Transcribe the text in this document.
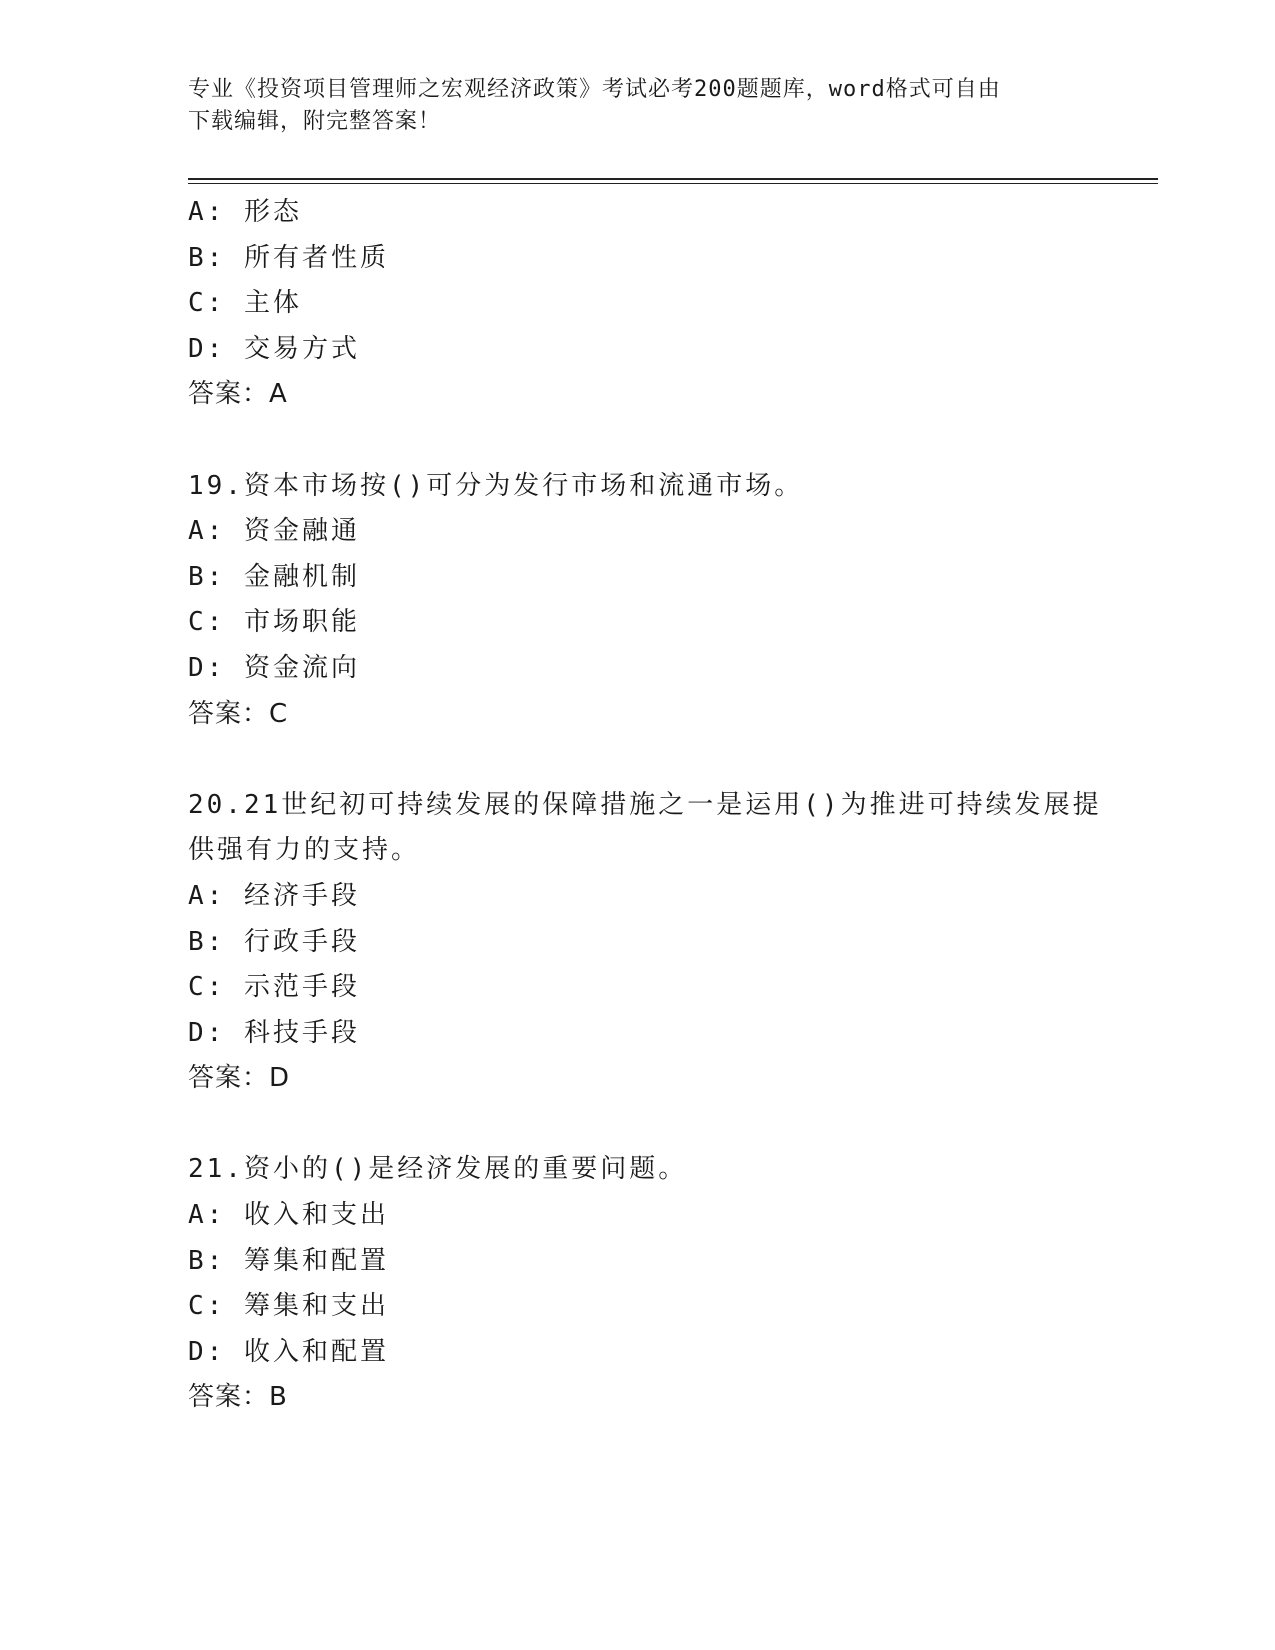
专业《投资项目管理师之宏观经济政策》考试必考200题题库，word格式可自由
下载编辑，附完整答案！
A: 形态
B: 所有者性质
C: 主体
D: 交易方式
答案：A
19.资本市场按()可分为发行市场和流通市场。
A: 资金融通
B: 金融机制
C: 市场职能
D: 资金流向
答案：C
20.21世纪初可持续发展的保障措施之一是运用()为推进可持续发展提
供强有力的支持。
A: 经济手段
B: 行政手段
C: 示范手段
D: 科技手段
答案：D
21.资小的()是经济发展的重要问题。
A: 收入和支出
B: 筹集和配置
C: 筹集和支出
D: 收入和配置
答案：B
